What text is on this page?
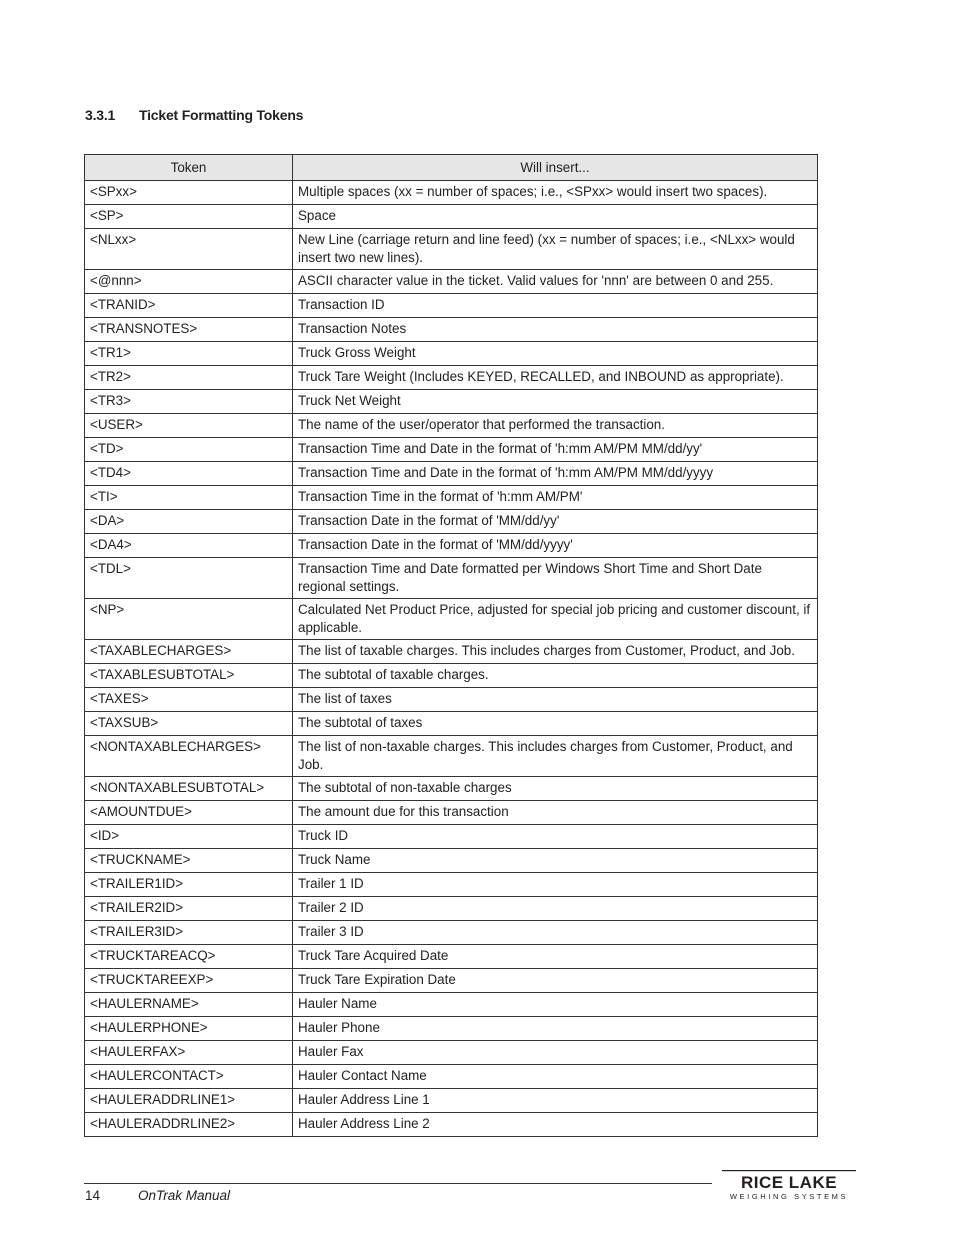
3.3.1 Ticket Formatting Tokens
Token	Will insert...
<SPxx>	Multiple spaces (xx = number of spaces; i.e., <SPxx> would insert two spaces).
<SP>	Space
<NLxx>	New Line (carriage return and line feed) (xx = number of spaces; i.e., <NLxx> would insert two new lines).
<@nnn>	ASCII character value in the ticket. Valid values for 'nnn' are between 0 and 255.
<TRANID>	Transaction ID
<TRANSNOTES>	Transaction Notes
<TR1>	Truck Gross Weight
<TR2>	Truck Tare Weight (Includes KEYED, RECALLED, and INBOUND as appropriate).
<TR3>	Truck Net Weight
<USER>	The name of the user/operator that performed the transaction.
<TD>	Transaction Time and Date in the format of 'h:mm AM/PM MM/dd/yy'
<TD4>	Transaction Time and Date in the format of 'h:mm AM/PM MM/dd/yyyy
<TI>	Transaction Time in the format of 'h:mm AM/PM'
<DA>	Transaction Date in the format of 'MM/dd/yy'
<DA4>	Transaction Date in the format of 'MM/dd/yyyy'
<TDL>	Transaction Time and Date formatted per Windows Short Time and Short Date regional settings.
<NP>	Calculated Net Product Price, adjusted for special job pricing and customer discount, if applicable.
<TAXABLECHARGES>	The list of taxable charges. This includes charges from Customer, Product, and Job.
<TAXABLESUBTOTAL>	The subtotal of taxable charges.
<TAXES>	The list of taxes
<TAXSUB>	The subtotal of taxes
<NONTAXABLECHARGES>	The list of non-taxable charges. This includes charges from Customer, Product, and Job.
<NONTAXABLESUBTOTAL>	The subtotal of non-taxable charges
<AMOUNTDUE>	The amount due for this transaction
<ID>	Truck ID
<TRUCKNAME>	Truck Name
<TRAILER1ID>	Trailer 1 ID
<TRAILER2ID>	Trailer 2 ID
<TRAILER3ID>	Trailer 3 ID
<TRUCKTAREACQ>	Truck Tare Acquired Date
<TRUCKTAREEXP>	Truck Tare Expiration Date
<HAULERNAME>	Hauler Name
<HAULERPHONE>	Hauler Phone
<HAULERFAX>	Hauler Fax
<HAULERCONTACT>	Hauler Contact Name
<HAULERADDRLINE1>	Hauler Address Line 1
<HAULERADDRLINE2>	Hauler Address Line 2
14	OnTrak Manual
RICE LAKE
WEIGHING SYSTEMS
